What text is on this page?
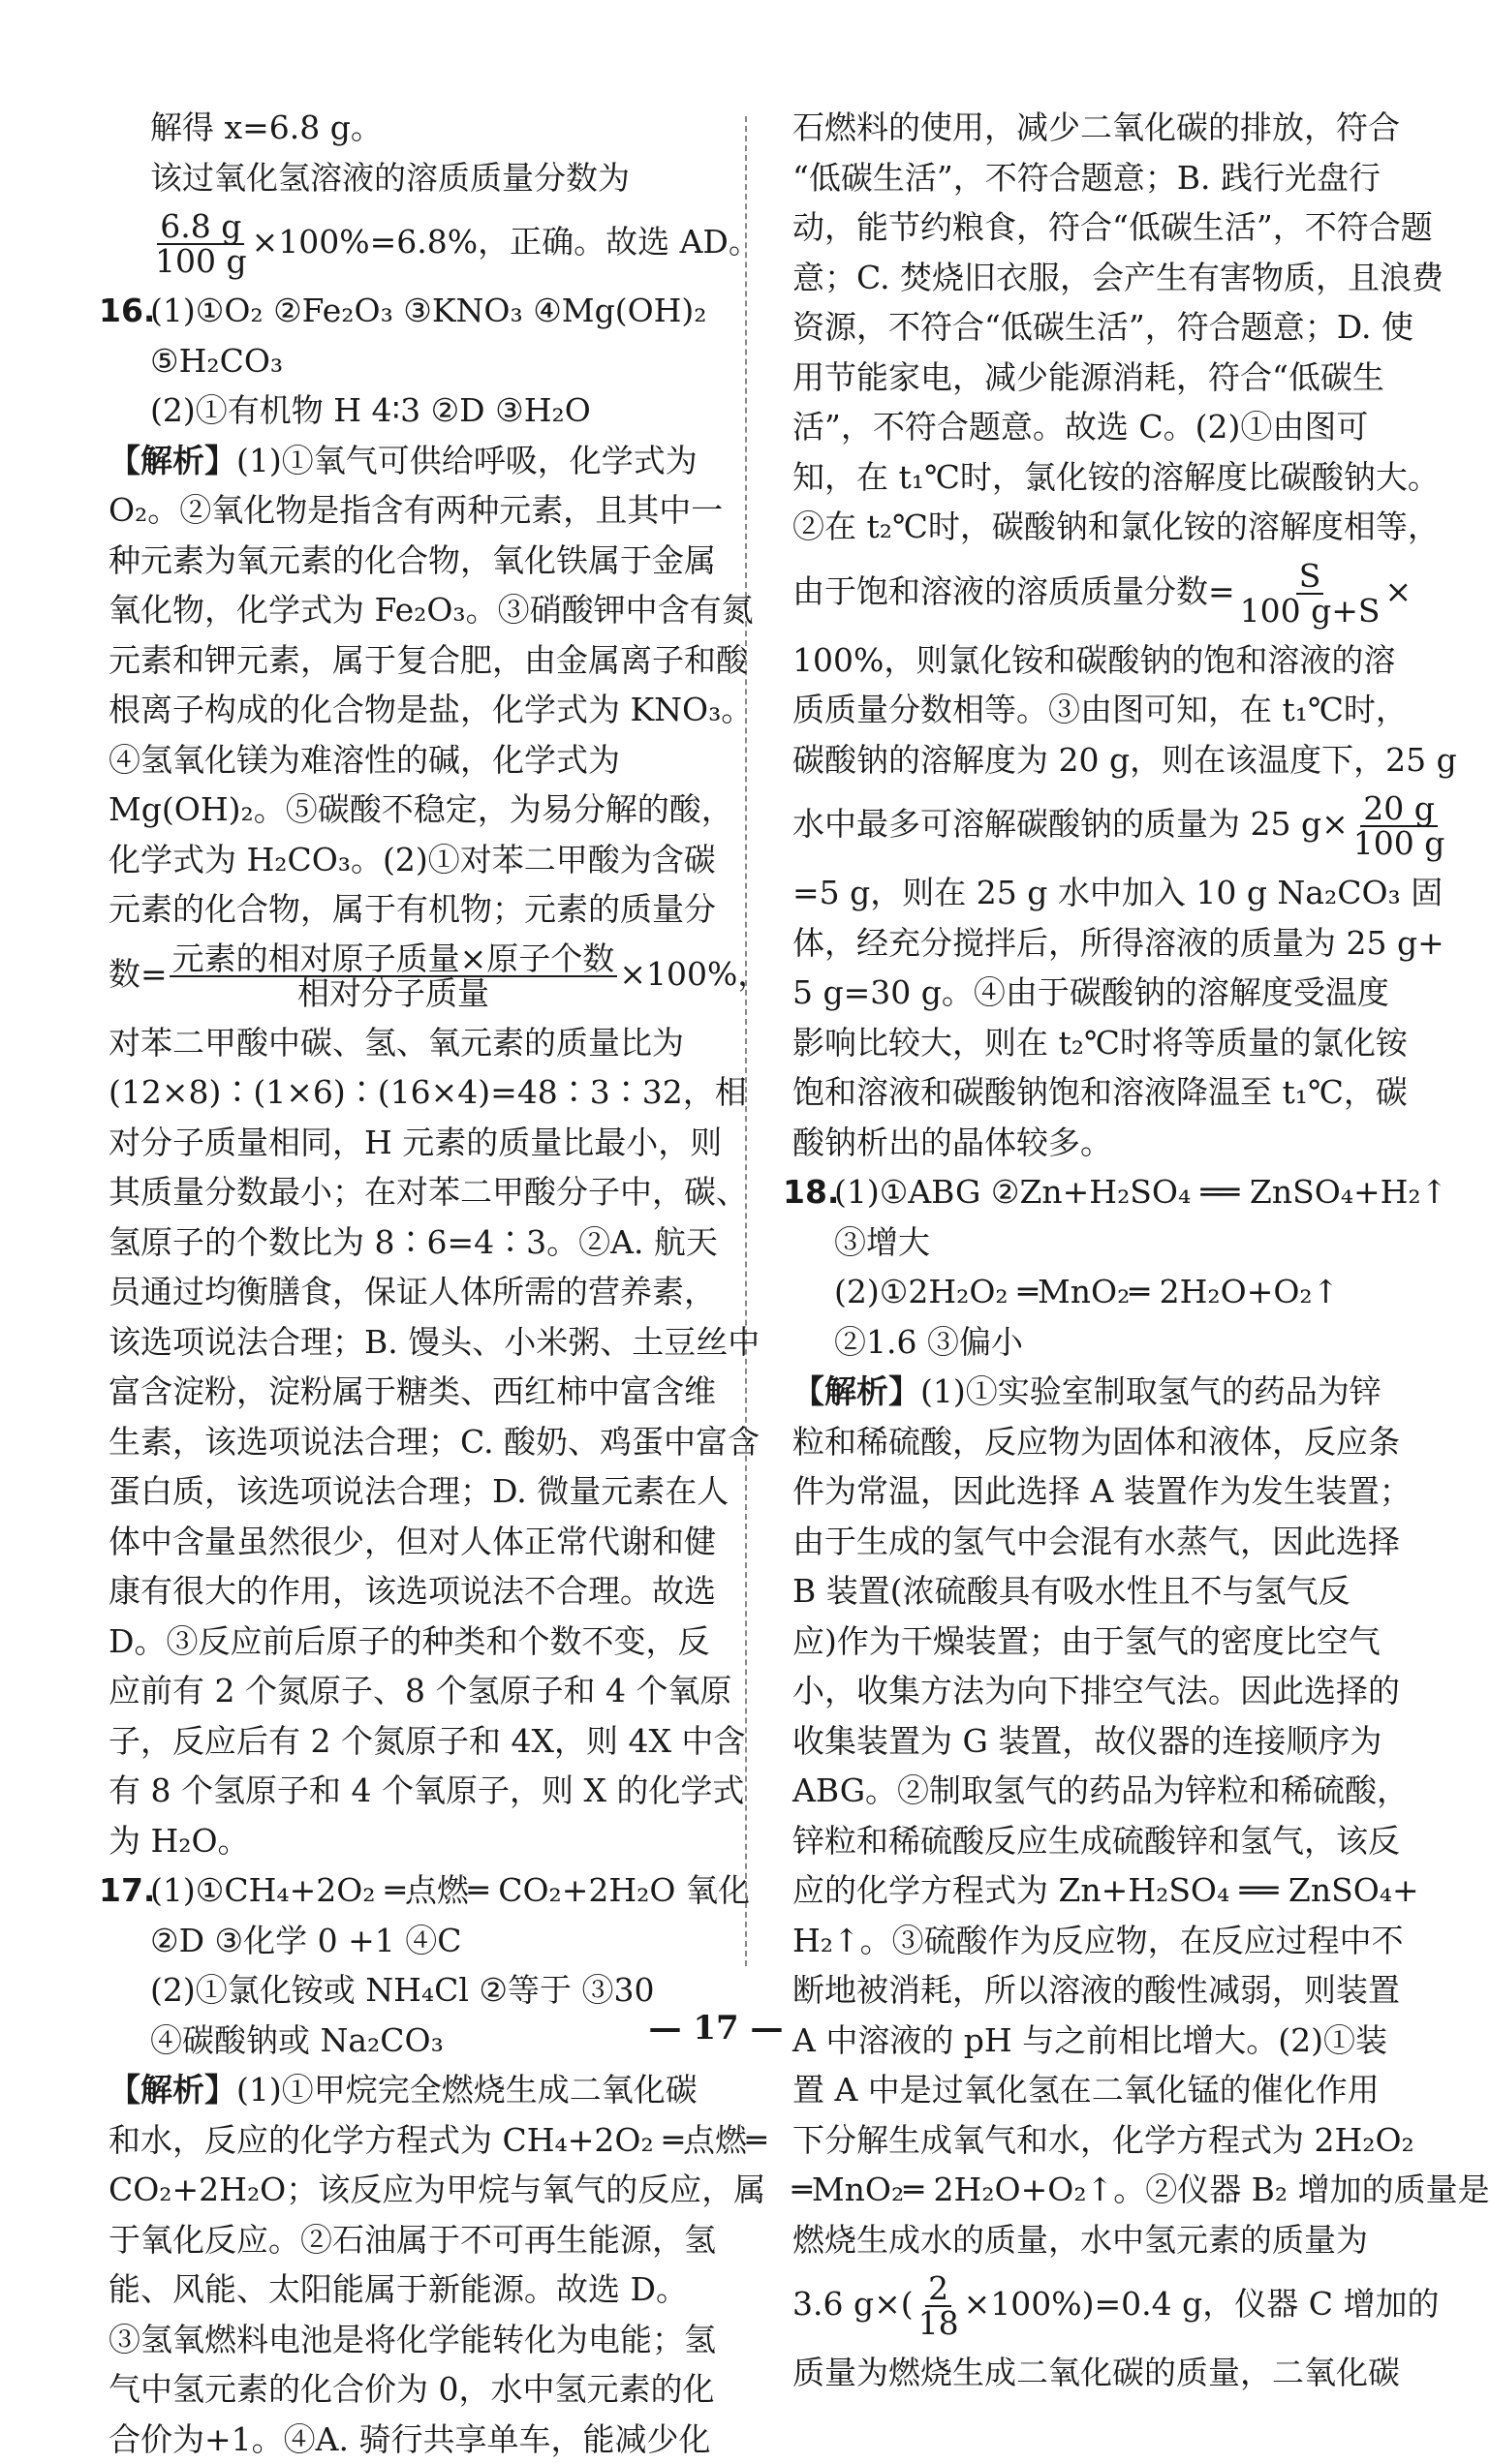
解得 x=6.8 g。
该过氧化氢溶液的溶质质量分数为
$\frac{6.8 g}{100 g} \times 100\%=6.8\%$，正确。故选 AD。
16.(1)①O₂ ②Fe₂O₃ ③KNO₃ ④Mg(OH)₂
⑤H₂CO₃
(2)①有机物 H 4∶3 ②D ③H₂O
【解析】(1)①氧气可供给呼吸，化学式为
O₂。②氧化物是指含有两种元素，且其中一
种元素为氧元素的化合物，氧化铁属于金属
氧化物，化学式为 Fe₂O₃。③硝酸钾中含有氮
元素和钾元素，属于复合肥，由金属离子和酸
根离子构成的化合物是盐，化学式为 KNO₃。
④氢氧化镁为难溶性的碱，化学式为
Mg(OH)₂。⑤碳酸不稳定，为易分解的酸，
化学式为 H₂CO₃。(2)①对苯二甲酸为含碳
元素的化合物，属于有机物；元素的质量分
数= $\frac{\text{元素的相对原子质量×原子个数}}{\text{相对分子质量}} \times 100\%$，
对苯二甲酸中碳、氢、氧元素的质量比为
(12×8)∶(1×6)∶(16×4)=48∶3∶32，相
对分子质量相同，H 元素的质量比最小，则
其质量分数最小；在对苯二甲酸分子中，碳、
氢原子的个数比为 8∶6=4∶3。②A. 航天
员通过均衡膳食，保证人体所需的营养素，
该选项说法合理；B. 馒头、小米粥、土豆丝中
富含淀粉，淀粉属于糖类、西红柿中富含维
生素，该选项说法合理；C. 酸奶、鸡蛋中富含
蛋白质，该选项说法合理；D. 微量元素在人
体中含量虽然很少，但对人体正常代谢和健
康有很大的作用，该选项说法不合理。故选
D。③反应前后原子的种类和个数不变，反
应前有 2 个氮原子、8 个氢原子和 4 个氧原
子，反应后有 2 个氮原子和 4X，则 4X 中含
有 8 个氢原子和 4 个氧原子，则 X 的化学式
为 H₂O。
17.(1)①CH₄+2O₂ ═点燃═ CO₂+2H₂O 氧化
②D ③化学 0 +1 ④C
(2)①氯化铵或 NH₄Cl ②等于 ③30
④碳酸钠或 Na₂CO₃
【解析】(1)①甲烷完全燃烧生成二氧化碳
和水，反应的化学方程式为 CH₄+2O₂ ═点燃═
CO₂+2H₂O；该反应为甲烷与氧气的反应，属
于氧化反应。②石油属于不可再生能源，氢
能、风能、太阳能属于新能源。故选 D。
③氢氧燃料电池是将化学能转化为电能；氢
气中氢元素的化合价为 0，水中氢元素的化
合价为+1。④A. 骑行共享单车，能减少化
石燃料的使用，减少二氧化碳的排放，符合
“低碳生活”，不符合题意；B. 践行光盘行
动，能节约粮食，符合“低碳生活”，不符合题
意；C. 焚烧旧衣服，会产生有害物质，且浪费
资源，不符合“低碳生活”，符合题意；D. 使
用节能家电，减少能源消耗，符合“低碳生
活”，不符合题意。故选 C。(2)①由图可
知，在 t₁℃时，氯化铵的溶解度比碳酸钠大。
②在 t₂℃时，碳酸钠和氯化铵的溶解度相等，
由于饱和溶液的溶质质量分数= $\frac{S}{100 g+S}$ ×
100%，则氯化铵和碳酸钠的饱和溶液的溶
质质量分数相等。③由图可知，在 t₁℃时，
碳酸钠的溶解度为 20 g，则在该温度下，25 g
水中最多可溶解碳酸钠的质量为 25 $g\times \frac{20 g}{100 g}$
=5 g，则在 25 g 水中加入 10 g Na₂CO₃ 固
体，经充分搅拌后，所得溶液的质量为 25 g+
5 g=30 g。④由于碳酸钠的溶解度受温度
影响比较大，则在 t₂℃时将等质量的氯化铵
饱和溶液和碳酸钠饱和溶液降温至 t₁℃，碳
酸钠析出的晶体较多。
18.(1)①ABG ②Zn+H₂SO₄ ══ ZnSO₄+H₂↑
③增大
(2)①2H₂O₂ ═MnO₂═ 2H₂O+O₂↑
②1.6 ③偏小
【解析】(1)①实验室制取氢气的药品为锌
粒和稀硫酸，反应物为固体和液体，反应条
件为常温，因此选择 A 装置作为发生装置；
由于生成的氢气中会混有水蒸气，因此选择
B 装置(浓硫酸具有吸水性且不与氢气反
应)作为干燥装置；由于氢气的密度比空气
小，收集方法为向下排空气法。因此选择的
收集装置为 G 装置，故仪器的连接顺序为
ABG。②制取氢气的药品为锌粒和稀硫酸，
锌粒和稀硫酸反应生成硫酸锌和氢气，该反
应的化学方程式为 Zn+H₂SO₄ ══ ZnSO₄+
H₂↑。③硫酸作为反应物，在反应过程中不
断地被消耗，所以溶液的酸性减弱，则装置
A 中溶液的 pH 与之前相比增大。(2)①装
置 A 中是过氧化氢在二氧化锰的催化作用
下分解生成氧气和水，化学方程式为 2H₂O₂
═MnO₂═ 2H₂O+O₂↑。②仪器 B₂ 增加的质量是
燃烧生成水的质量，水中氢元素的质量为
3.6 $g\times( \frac{2}{18} \times 100\%)=0.4$ g，仪器 C 增加的
质量为燃烧生成二氧化碳的质量，二氧化碳
— 17 —
